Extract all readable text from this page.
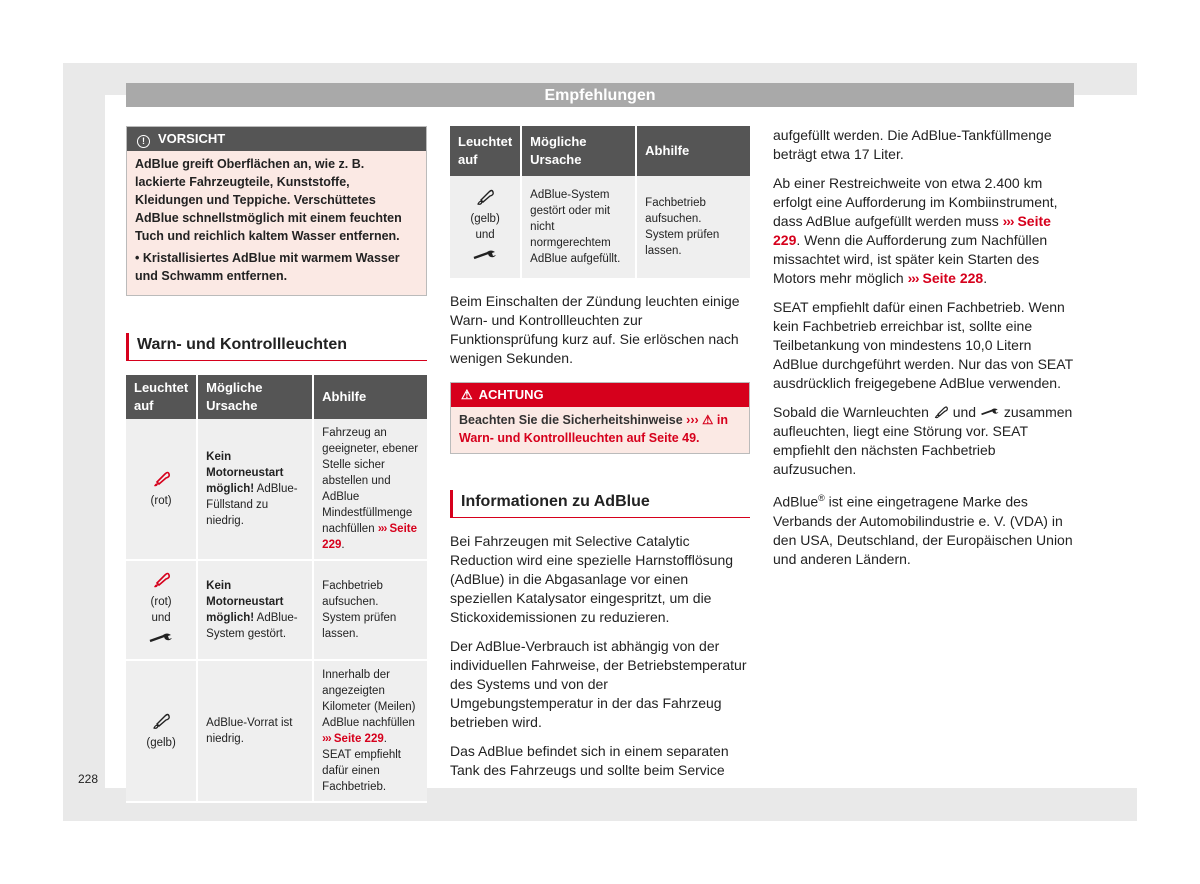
Empfehlungen
228
! VORSICHT

AdBlue greift Oberflächen an, wie z. B. lackierte Fahrzeugteile, Kunststoffe, Kleidungen und Teppiche. Verschüttetes AdBlue schnellstmöglich mit einem feuchten Tuch und reichlich kaltem Wasser entfernen.

• Kristallisiertes AdBlue mit warmem Wasser und Schwamm entfernen.

Warn- und Kontrollleuchten
Leuchtet auf	Mögliche Ursache	Abhilfe

(rot)	Kein Motorneustart möglich! AdBlue-Füllstand zu niedrig.	Fahrzeug an geeigneter, ebener Stelle sicher abstellen und AdBlue Mindestfüllmenge nachfüllen ››› Seite 229.

(rot)
und	Kein Motorneustart möglich! AdBlue-System gestört.	Fachbetrieb aufsuchen. System prüfen lassen.

(gelb)	AdBlue-Vorrat ist niedrig.	Innerhalb der angezeigten Kilometer (Meilen) AdBlue nachfüllen ››› Seite 229. SEAT empfiehlt dafür einen Fachbetrieb.
Leuchtet auf	Mögliche Ursache	Abhilfe

(gelb)
und	AdBlue-System gestört oder mit nicht normgerechtem AdBlue aufgefüllt.	Fachbetrieb aufsuchen. System prüfen lassen.

Beim Einschalten der Zündung leuchten einige Warn- und Kontrollleuchten zur Funktionsprüfung kurz auf. Sie erlöschen nach wenigen Sekunden.

⚠ ACHTUNG
Beachten Sie die Sicherheitshinweise ››› ⚠ in Warn- und Kontrollleuchten auf Seite 49.
Informationen zu AdBlue

Bei Fahrzeugen mit Selective Catalytic Reduction wird eine spezielle Harnstofflösung (AdBlue) in die Abgasanlage vor einen speziellen Katalysator eingespritzt, um die Stickoxidemissionen zu reduzieren.

Der AdBlue-Verbrauch ist abhängig von der individuellen Fahrweise, der Betriebstemperatur des Systems und von der Umgebungstemperatur in der das Fahrzeug betrieben wird.

Das AdBlue befindet sich in einem separaten Tank des Fahrzeugs und sollte beim Service

aufgefüllt werden. Die AdBlue-Tankfüllmenge beträgt etwa 17 Liter.

Ab einer Restreichweite von etwa 2.400 km erfolgt eine Aufforderung im Kombiinstrument, dass AdBlue aufgefüllt werden muss ››› Seite 229. Wenn die Aufforderung zum Nachfüllen missachtet wird, ist später kein Starten des Motors mehr möglich ››› Seite 228.

SEAT empfiehlt dafür einen Fachbetrieb. Wenn kein Fachbetrieb erreichbar ist, sollte eine Teilbetankung von mindestens 10,0 Litern AdBlue durchgeführt werden. Nur das von SEAT ausdrücklich freigegebene AdBlue verwenden.

Sobald die Warnleuchten  und  zusammen aufleuchten, liegt eine Störung vor. SEAT empfiehlt den nächsten Fachbetrieb aufzusuchen.

AdBlue® ist eine eingetragene Marke des Verbands der Automobilindustrie e. V. (VDA) in den USA, Deutschland, der Europäischen Union und anderen Ländern.
